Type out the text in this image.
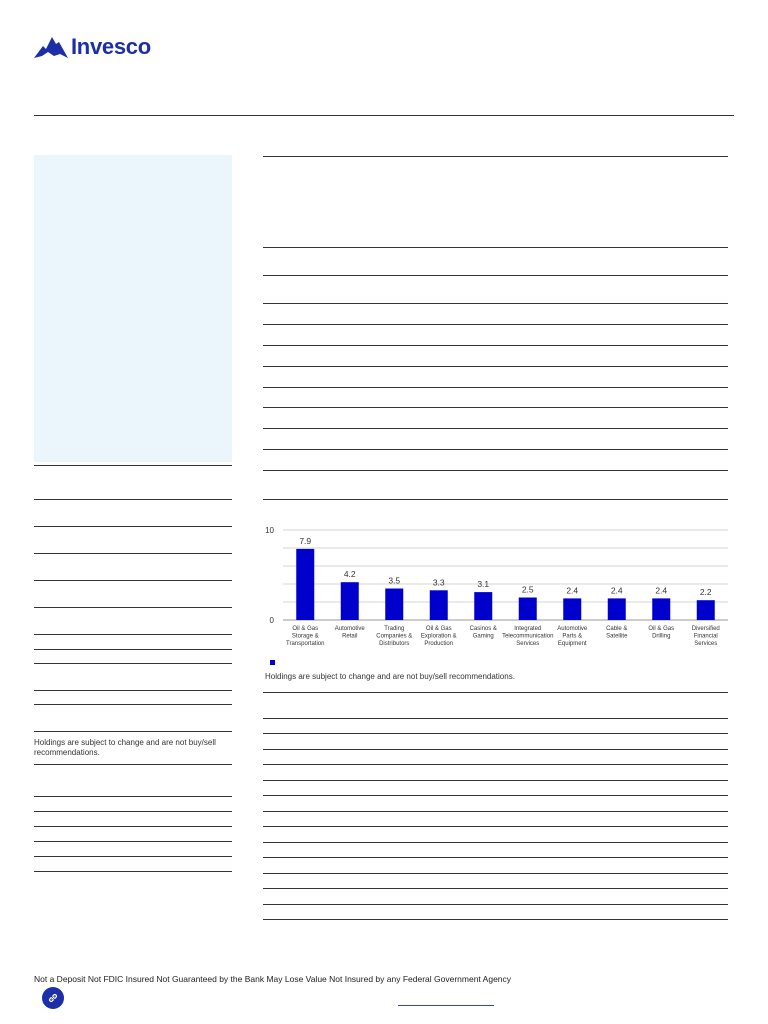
Invesco
Holdings are subject to change and are not buy/sell recommendations.
0
10
7.9
Oil & Gas Storage & Transportation
4.2
Automotive Retail
3.5
Trading Companies & Distributors
3.3
Oil & Gas Exploration & Production
3.1
Casinos & Gaming
2.5
Integrated Telecommunication Services
2.4
Automotive Parts & Equipment
2.4
Cable & Satellite
2.4
Oil & Gas Drilling
2.2
Diversified Financial Services
Holdings are subject to change and are not buy/sell recommendations.
Not a Deposit Not FDIC Insured Not Guaranteed by the Bank May Lose Value Not Insured by any Federal Government Agency
